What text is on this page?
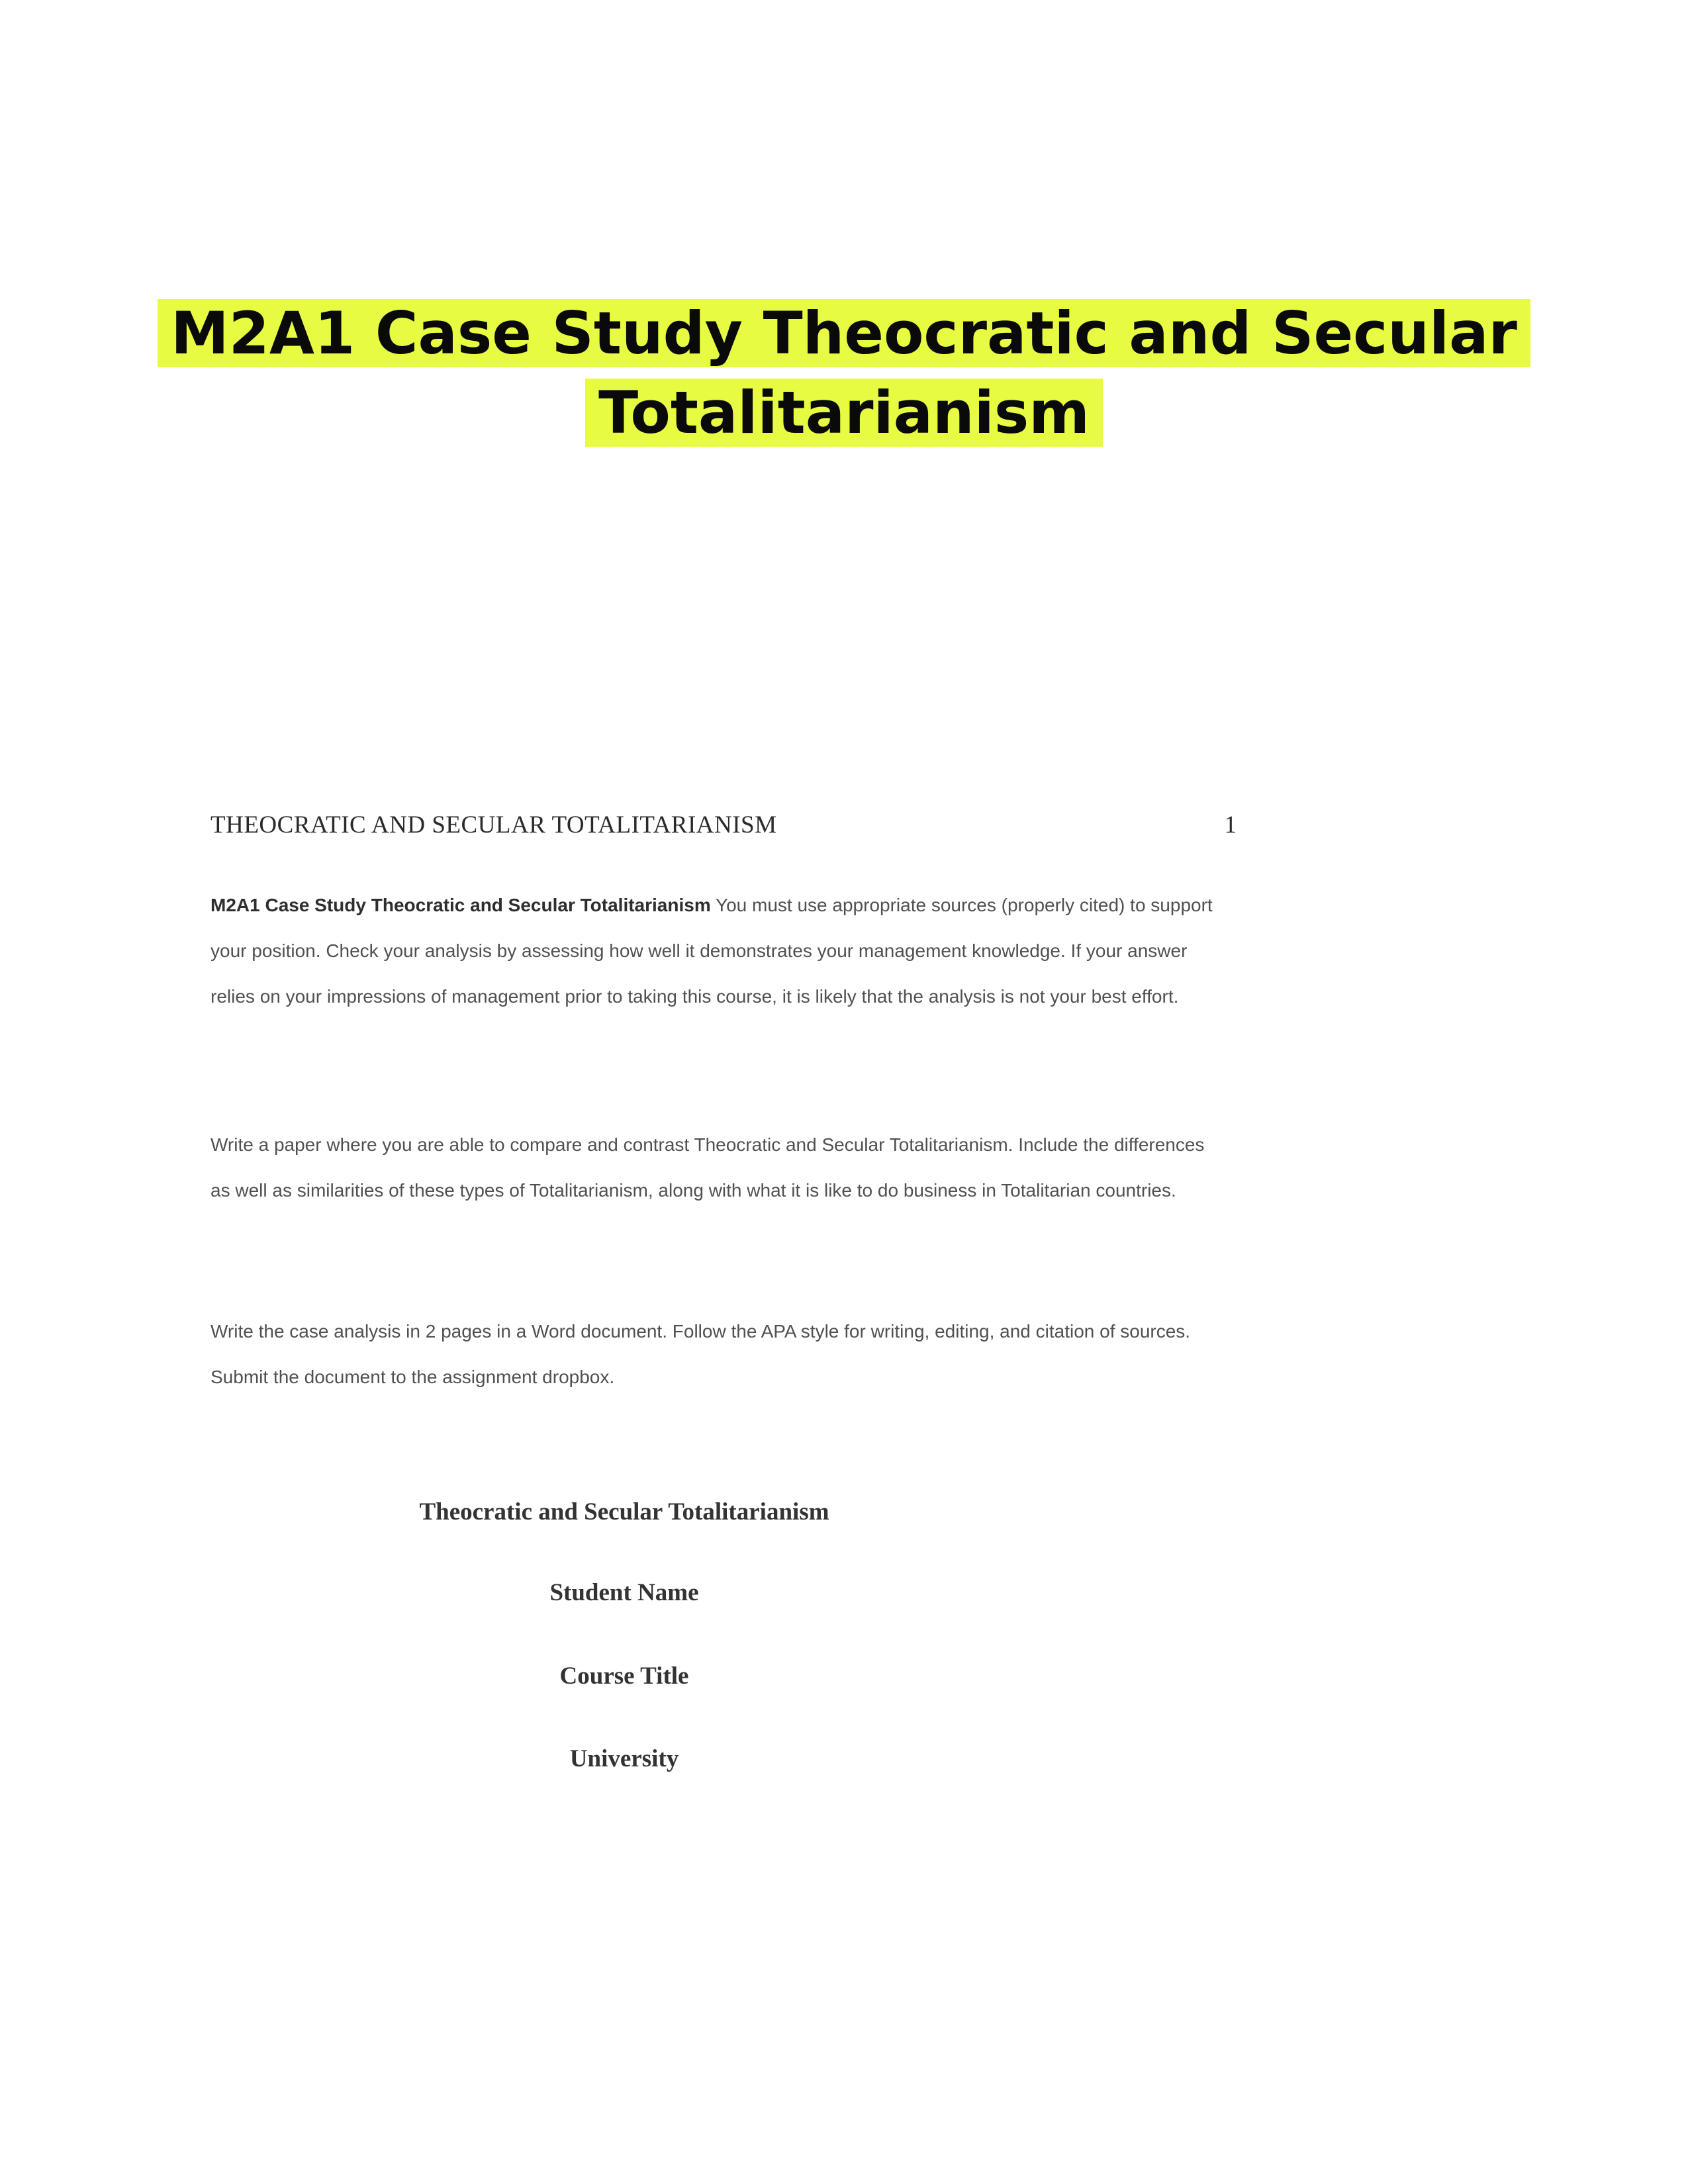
M2A1 Case Study Theocratic and Secular
Totalitarianism
THEOCRATIC AND SECULAR TOTALITARIANISM	1

M2A1 Case Study Theocratic and Secular Totalitarianism You must use appropriate sources (properly cited) to support your position. Check your analysis by assessing how well it demonstrates your management knowledge. If your answer relies on your impressions of management prior to taking this course, it is likely that the analysis is not your best effort.

Write a paper where you are able to compare and contrast Theocratic and Secular Totalitarianism. Include the differences as well as similarities of these types of Totalitarianism, along with what it is like to do business in Totalitarian countries.

Write the case analysis in 2 pages in a Word document. Follow the APA style for writing, editing, and citation of sources. Submit the document to the assignment dropbox.

Theocratic and Secular Totalitarianism
Student Name
Course Title
University
